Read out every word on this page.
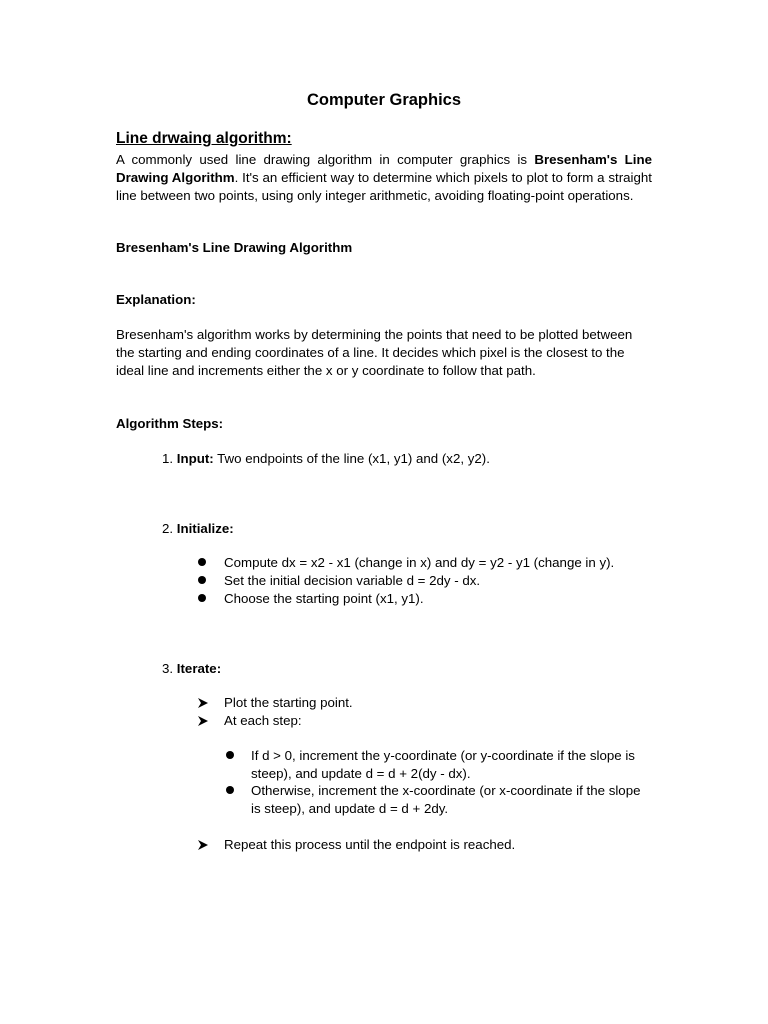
Computer Graphics
Line drwaing algorithm:
A commonly used line drawing algorithm in computer graphics is Bresenham's Line Drawing Algorithm. It's an efficient way to determine which pixels to plot to form a straight line between two points, using only integer arithmetic, avoiding floating-point operations.
Bresenham's Line Drawing Algorithm
Explanation:
Bresenham's algorithm works by determining the points that need to be plotted between the starting and ending coordinates of a line. It decides which pixel is the closest to the ideal line and increments either the x or y coordinate to follow that path.
Algorithm Steps:
1. Input: Two endpoints of the line (x1, y1) and (x2, y2).
2. Initialize:
Compute dx = x2 - x1 (change in x) and dy = y2 - y1 (change in y).
Set the initial decision variable d = 2dy - dx.
Choose the starting point (x1, y1).
3. Iterate:
Plot the starting point.
At each step:
If d > 0, increment the y-coordinate (or y-coordinate if the slope is steep), and update d = d + 2(dy - dx).
Otherwise, increment the x-coordinate (or x-coordinate if the slope is steep), and update d = d + 2dy.
Repeat this process until the endpoint is reached.
